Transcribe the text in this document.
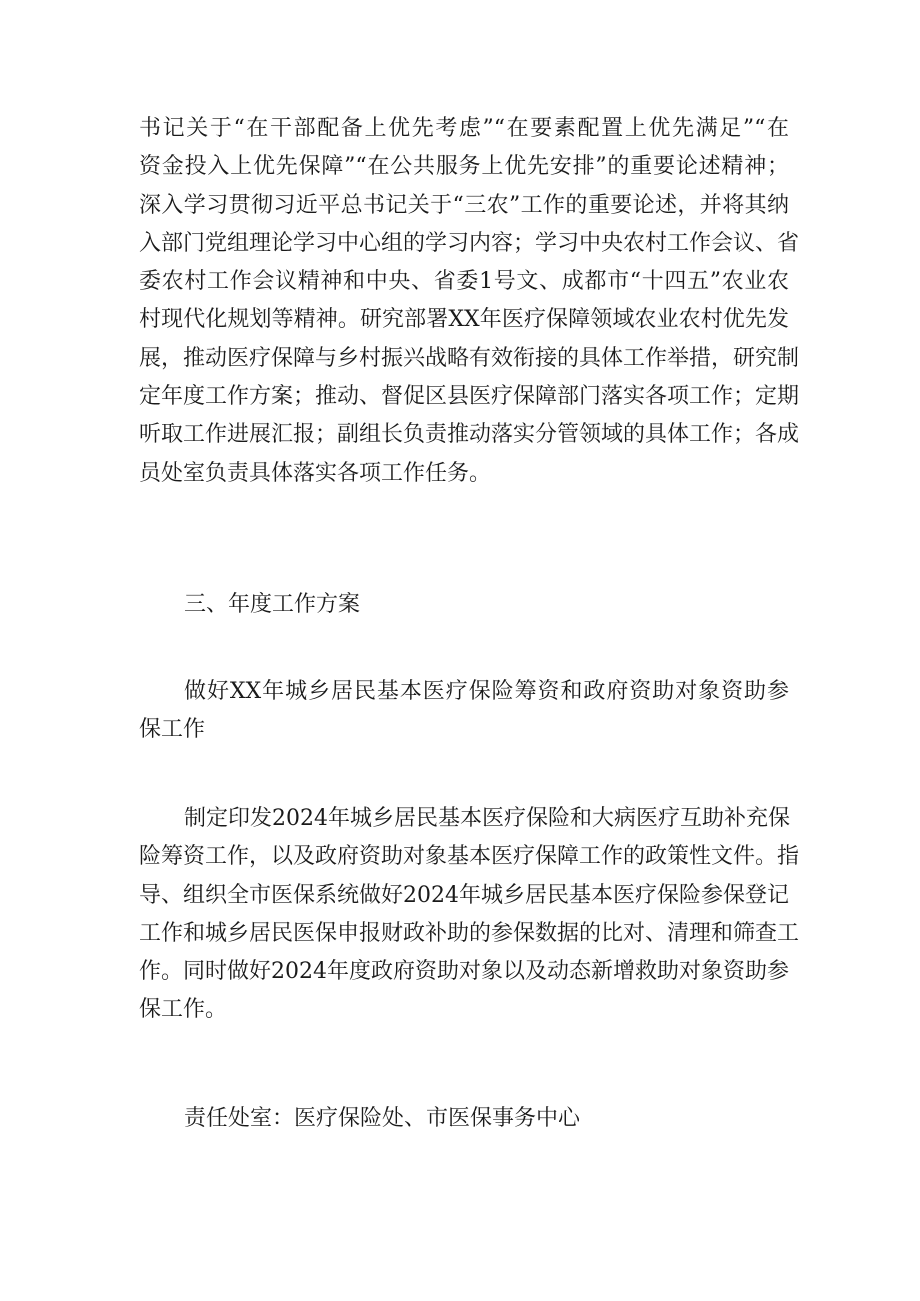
书记关于“在干部配备上优先考虑”“在要素配置上优先满足”“在
资金投入上优先保障”“在公共服务上优先安排”的重要论述精神；
深入学习贯彻习近平总书记关于“三农”工作的重要论述，并将其纳
入部门党组理论学习中心组的学习内容；学习中央农村工作会议、省
委农村工作会议精神和中央、省委1号文、成都市“十四五”农业农
村现代化规划等精神。研究部署XX年医疗保障领域农业农村优先发
展，推动医疗保障与乡村振兴战略有效衔接的具体工作举措，研究制
定年度工作方案；推动、督促区县医疗保障部门落实各项工作；定期
听取工作进展汇报；副组长负责推动落实分管领域的具体工作；各成
员处室负责具体落实各项工作任务。
三、年度工作方案
做好XX年城乡居民基本医疗保险筹资和政府资助对象资助参
保工作
制定印发2024年城乡居民基本医疗保险和大病医疗互助补充保
险筹资工作，以及政府资助对象基本医疗保障工作的政策性文件。指
导、组织全市医保系统做好2024年城乡居民基本医疗保险参保登记
工作和城乡居民医保申报财政补助的参保数据的比对、清理和筛查工
作。同时做好2024年度政府资助对象以及动态新增救助对象资助参
保工作。
责任处室：医疗保险处、市医保事务中心
